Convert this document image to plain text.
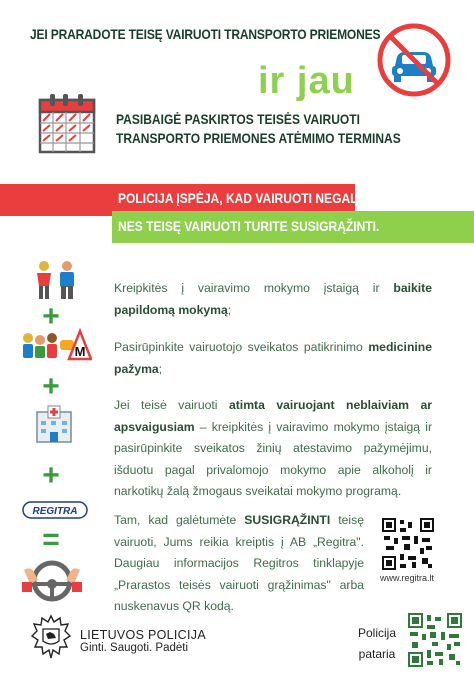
JEI PRARADOTE TEISĘ VAIRUOTI TRANSPORTO PRIEMONES
ir jau
PASIBAIGĖ PASKIRTOS TEISĖS VAIRUOTI
TRANSPORTO PRIEMONES ATĖMIMO TERMINAS
POLICIJA ĮSPĖJA, KAD VAIRUOTI NEGALITE,
NES TEISĘ VAIRUOTI TURITE SUSIGRĄŽINTI.
Kreipkitės į vairavimo mokymo įstaigą ir baikite papildomą mokymą;
+
M Pasirūpinkite vairuotojo sveikatos patikrinimo medicinine pažyma;
+
Jei teisė vairuoti atimta vairuojant neblaiviam ar apsvaigusiam – kreipkitės į vairavimo mokymo įstaigą ir pasirūpinkite sveikatos žinių atestavimo pažymėjimu, išduotu pagal privalomojo mokymo apie alkoholį ir narkotikų žalą žmogaus sveikatai mokymo programą.
+
REGITRA
=
Tam, kad galėtumėte SUSIGRĄŽINTI teisę vairuoti, Jums reikia kreiptis į AB „Regitra". Daugiau informacijos Regitros tinklapyje „Prarastos teisės vairuoti grąžinimas" arba nuskenavus QR kodą.
www.regitra.lt
LIETUVOS POLICIJA
Ginti. Saugoti. Padėti
Policija
pataria
